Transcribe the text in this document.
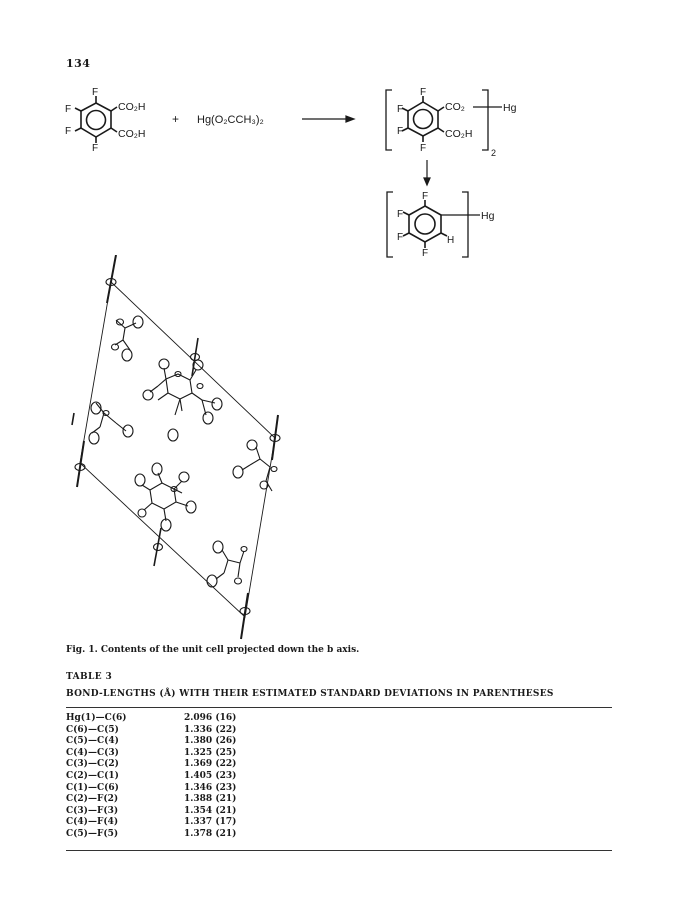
134
F
F
F
F
CO₂H
CO₂H
+ Hg(O₂CCH₃)₂
F
F
F
F
CO₂
CO₂H
Hg
2
F
F
F
F
H
Hg
Fig. 1. Contents of the unit cell projected down the b axis.
TABLE 3
BOND-LENGTHS (Å) WITH THEIR ESTIMATED STANDARD DEVIATIONS IN PARENTHESES
Hg(1)—C(6)	2.096 (16)
C(6)—C(5)	1.336 (22)
C(5)—C(4)	1.380 (26)
C(4)—C(3)	1.325 (25)
C(3)—C(2)	1.369 (22)
C(2)—C(1)	1.405 (23)
C(1)—C(6)	1.346 (23)
C(2)—F(2)	1.388 (21)
C(3)—F(3)	1.354 (21)
C(4)—F(4)	1.337 (17)
C(5)—F(5)	1.378 (21)
